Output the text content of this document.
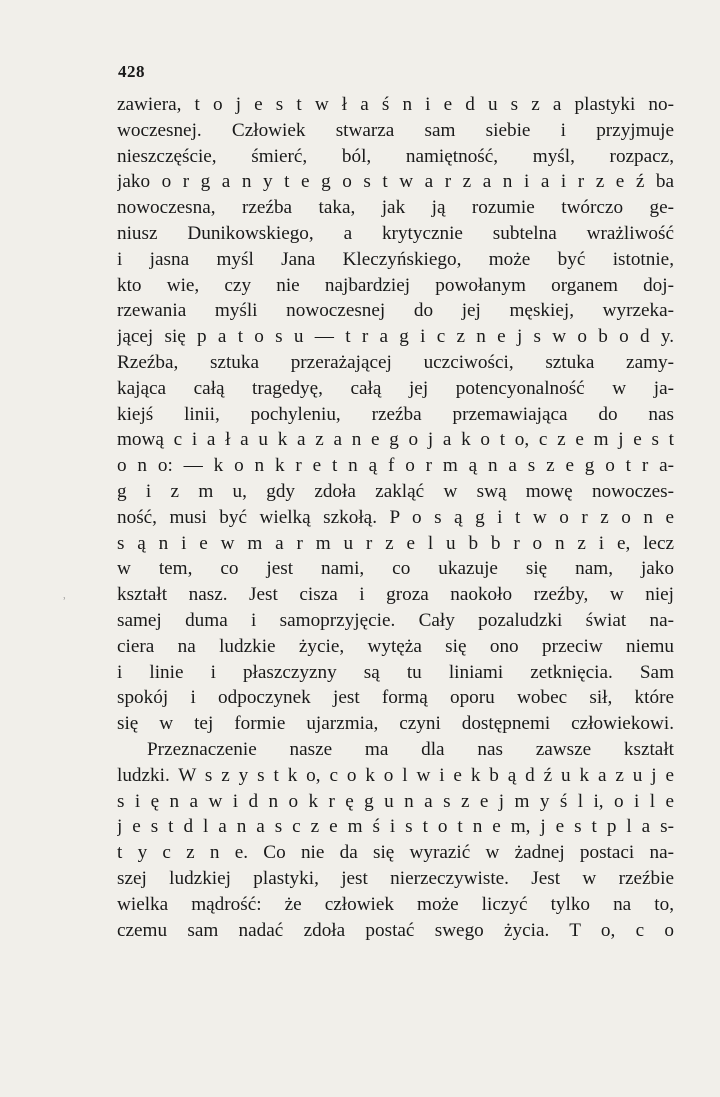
428
zawiera, t o j e s t w ł a ś n i e d u s z a plastyki no-
woczesnej. Człowiek stwarza sam siebie i przyjmuje
nieszczęście, śmierć, ból, namiętność, myśl, rozpacz,
jako o r g a n y t e g o s t w a r z a n i a i r z e ź ba
nowoczesna, rzeźba taka, jak ją rozumie twórczo ge-
niusz Dunikowskiego, a krytycznie subtelna wrażliwość
i jasna myśl Jana Kleczyńskiego, może być istotnie,
kto wie, czy nie najbardziej powołanym organem doj-
rzewania myśli nowoczesnej do jej męskiej, wyrzeka-
jącej się p a t o s u — t r a g i c z n e j s w o b o d y.
Rzeźba, sztuka przerażającej uczciwości, sztuka zamy-
kająca całą tragedyę, całą jej potencyonalność w ja-
kiejś linii, pochyleniu, rzeźba przemawiająca do nas
mową c i a ł a u k a z a n e g o j a k o t o, c z e m j e s t
o n o: — k o n k r e t n ą f o r m ą n a s z e g o t r a-
g i z m u, gdy zdoła zakląć w swą mowę nowoczes-
ność, musi być wielką szkołą. P o s ą g i t w o r z o n e
s ą n i e w m a r m u r z e l u b b r o n z i e, lecz
w tem, co jest nami, co ukazuje się nam, jako
kształt nasz. Jest cisza i groza naokoło rzeźby, w niej
samej duma i samoprzyjęcie. Cały pozaludzki świat na-
ciera na ludzkie życie, wytęża się ono przeciw niemu
i linie i płaszczyzny są tu liniami zetknięcia. Sam
spokój i odpoczynek jest formą oporu wobec sił, które
się w tej formie ujarzmia, czyni dostępnemi człowiekowi.
Przeznaczenie nasze ma dla nas zawsze kształt
ludzki. W s z y s t k o, c o k o l w i e k b ą d ź u k a z u j e
s i ę n a w i d n o k r ę g u n a s z e j m y ś l i, o i l e
j e s t d l a n a s c z e m ś i s t o t n e m, j e s t p l a s-
t y c z n e. Co nie da się wyrazić w żadnej postaci na-
szej ludzkiej plastyki, jest nierzeczywiste. Jest w rzeźbie
wielka mądrość: że człowiek może liczyć tylko na to,
czemu sam nadać zdoła postać swego życia. T o, c o
ʾ
